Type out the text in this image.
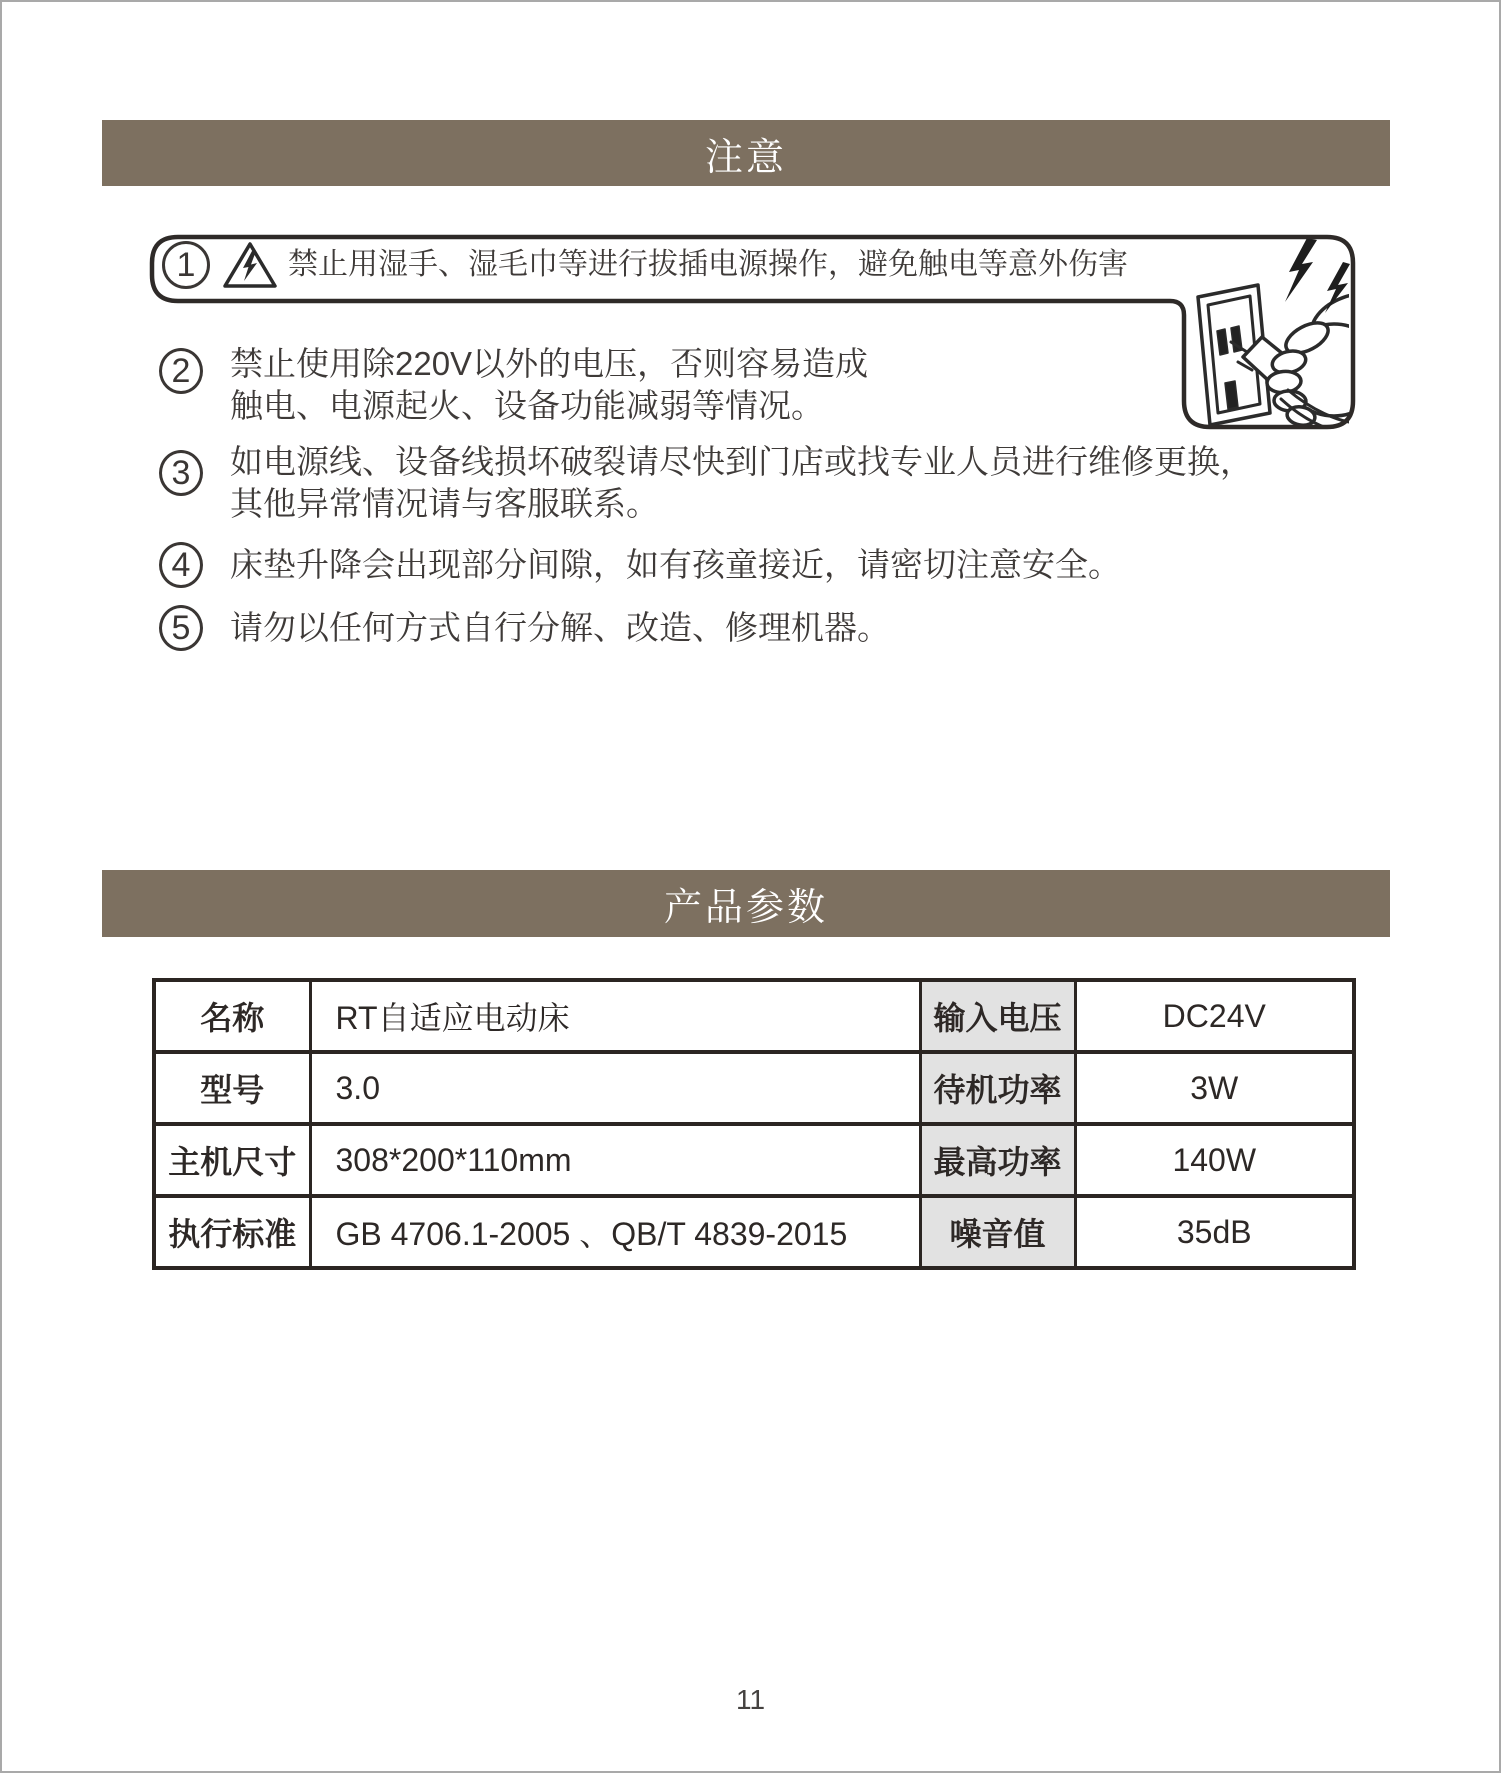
注意
1	禁止用湿手、湿毛巾等进行拔插电源操作，避免触电等意外伤害
2 禁止使用除220V以外的电压，否则容易造成
触电、电源起火、设备功能减弱等情况。
3 如电源线、设备线损坏破裂请尽快到门店或找专业人员进行维修更换，
其他异常情况请与客服联系。
4 床垫升降会出现部分间隙，如有孩童接近，请密切注意安全。
5 请勿以任何方式自行分解、改造、修理机器。
产品参数
名称	RT自适应电动床	输入电压	DC24V
型号	3.0	待机功率	3W
主机尺寸	308*200*110mm	最高功率	140W
执行标准	GB 4706.1-2005 、QB/T 4839-2015	噪音值	35dB
11
